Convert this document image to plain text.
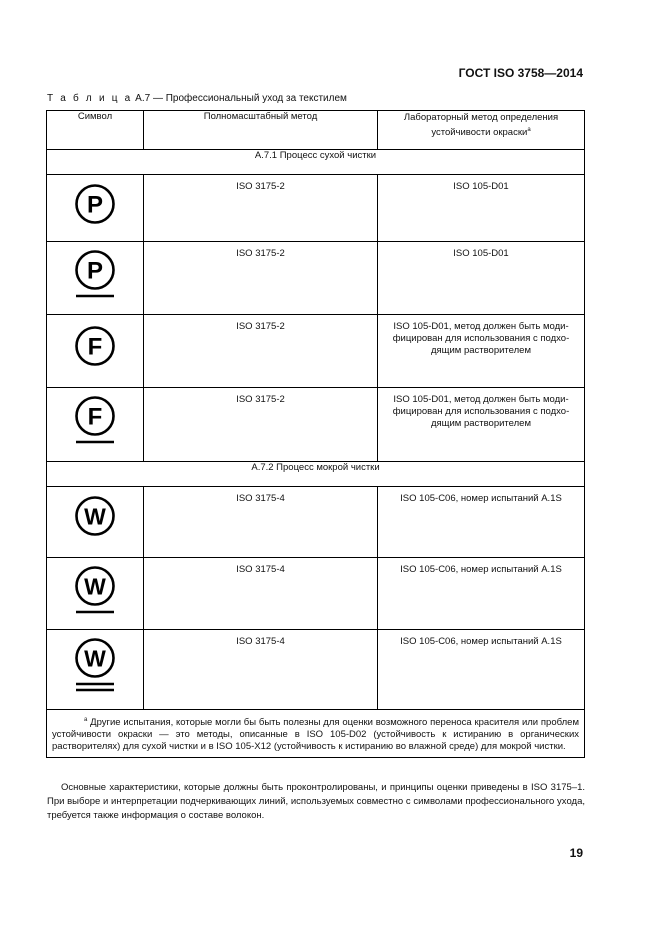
ГОСТ ISO 3758—2014
Т а б л и ц а А.7 — Профессиональный уход за текстилем
Символ	Полномасштабный метод	Лабораторный метод определения
устойчивости окраски$^a$
А.7.1 Процесс сухой чистки		

P	ISO 3175-2	ISO 105-D01

P	ISO 3175-2	ISO 105-D01

F	ISO 3175-2	ISO 105-D01, метод должен быть моди-фицирован для использования с подхо-дящим растворителем

F	ISO 3175-2	ISO 105-D01, метод должен быть моди-фицирован для использования с подхо-дящим растворителем
А.7.2 Процесс мокрой чистки		

W	ISO 3175-4	ISO 105-C06, номер испытаний A.1S

W	ISO 3175-4	ISO 105-C06, номер испытаний A.1S

W	ISO 3175-4	ISO 105-C06, номер испытаний A.1S
$^a$ Другие испытания, которые могли бы быть полезны для оценки возможного переноса красителя или проблем устойчивости окраски — это методы, описанные в ISO 105-D02 (устойчивость к истиранию в органических растворителях) для сухой чистки и в ISO 105-X12 (устойчивость к истиранию во влажной среде) для мокрой чистки.		
Основные характеристики, которые должны быть проконтролированы, и принципы оценки приведены в ISO 3175–1. При выборе и интерпретации подчеркивающих линий, используемых совместно с символами профессионального ухода, требуется также информация о составе волокон.
19
